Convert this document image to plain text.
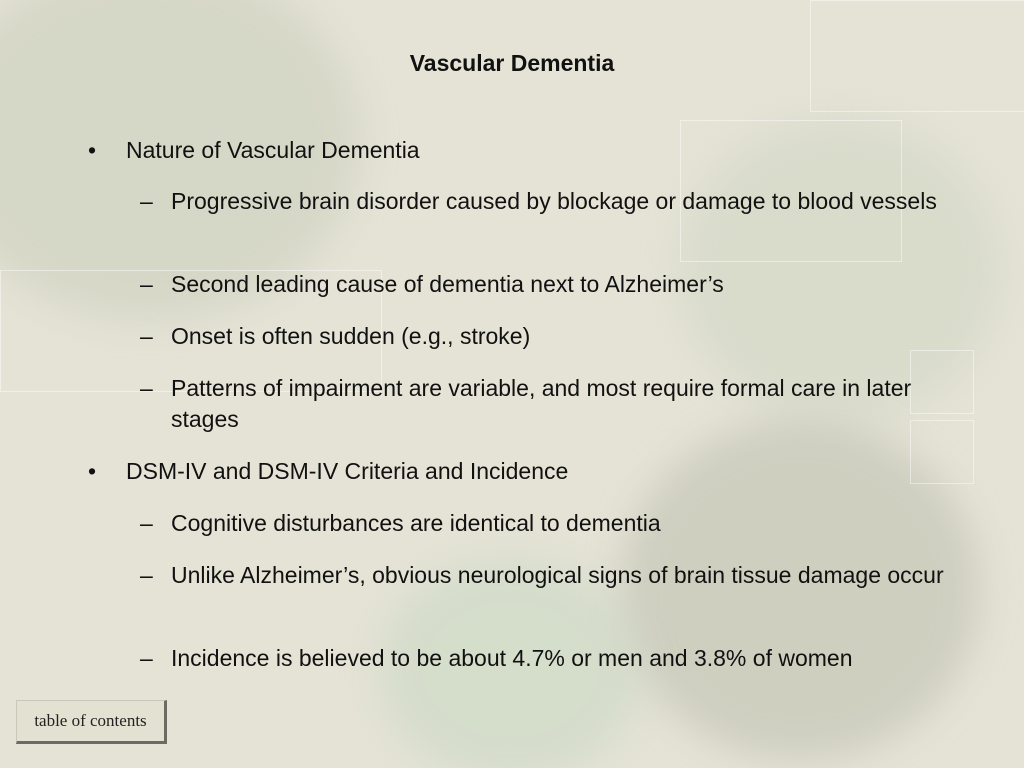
Vascular Dementia
• Nature of Vascular Dementia
– Progressive brain disorder caused by blockage or damage to blood vessels
– Second leading cause of dementia next to Alzheimer’s
– Onset is often sudden (e.g., stroke)
– Patterns of impairment are variable, and most require formal care in later stages
• DSM-IV and DSM-IV Criteria and Incidence
– Cognitive disturbances are identical to dementia
– Unlike Alzheimer’s, obvious neurological signs of brain tissue damage occur
– Incidence is believed to be about 4.7% or men and 3.8% of women
table of contents
